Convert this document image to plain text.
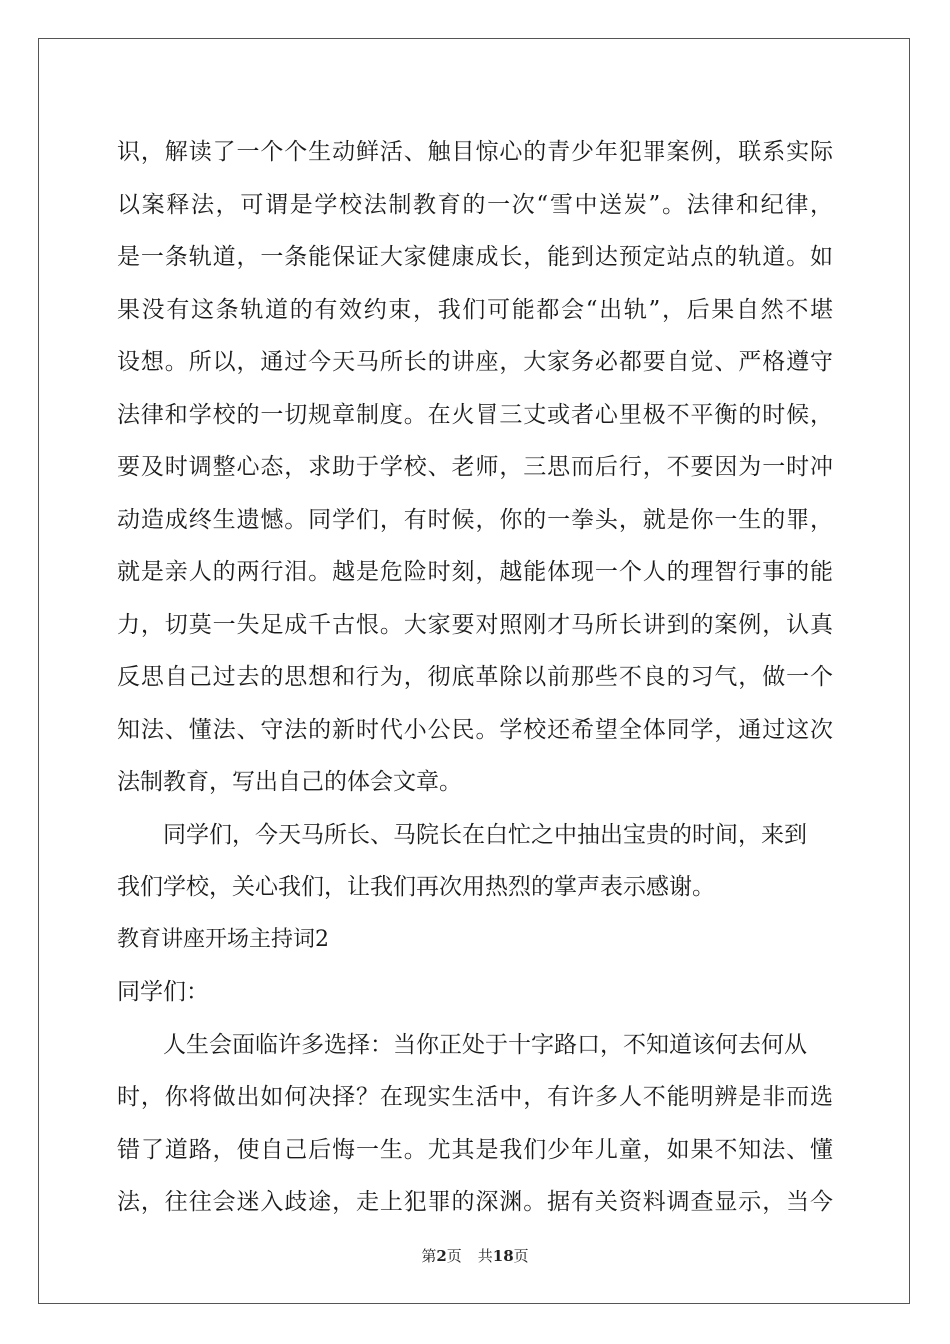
识，解读了一个个生动鲜活、触目惊心的青少年犯罪案例，联系实际
以案释法，可谓是学校法制教育的一次“雪中送炭”。法律和纪律，
是一条轨道，一条能保证大家健康成长，能到达预定站点的轨道。如
果没有这条轨道的有效约束，我们可能都会“出轨”，后果自然不堪
设想。所以，通过今天马所长的讲座，大家务必都要自觉、严格遵守
法律和学校的一切规章制度。在火冒三丈或者心里极不平衡的时候，
要及时调整心态，求助于学校、老师，三思而后行，不要因为一时冲
动造成终生遗憾。同学们，有时候，你的一拳头，就是你一生的罪，
就是亲人的两行泪。越是危险时刻，越能体现一个人的理智行事的能
力，切莫一失足成千古恨。大家要对照刚才马所长讲到的案例，认真
反思自己过去的思想和行为，彻底革除以前那些不良的习气，做一个
知法、懂法、守法的新时代小公民。学校还希望全体同学，通过这次
法制教育，写出自己的体会文章。
同学们，今天马所长、马院长在白忙之中抽出宝贵的时间，来到
我们学校，关心我们，让我们再次用热烈的掌声表示感谢。
教育讲座开场主持词2
同学们：
人生会面临许多选择：当你正处于十字路口，不知道该何去何从
时，你将做出如何决择？在现实生活中，有许多人不能明辨是非而选
错了道路，使自己后悔一生。尤其是我们少年儿童，如果不知法、懂
法，往往会迷入歧途，走上犯罪的深渊。据有关资料调查显示，当今
第2页 共18页
